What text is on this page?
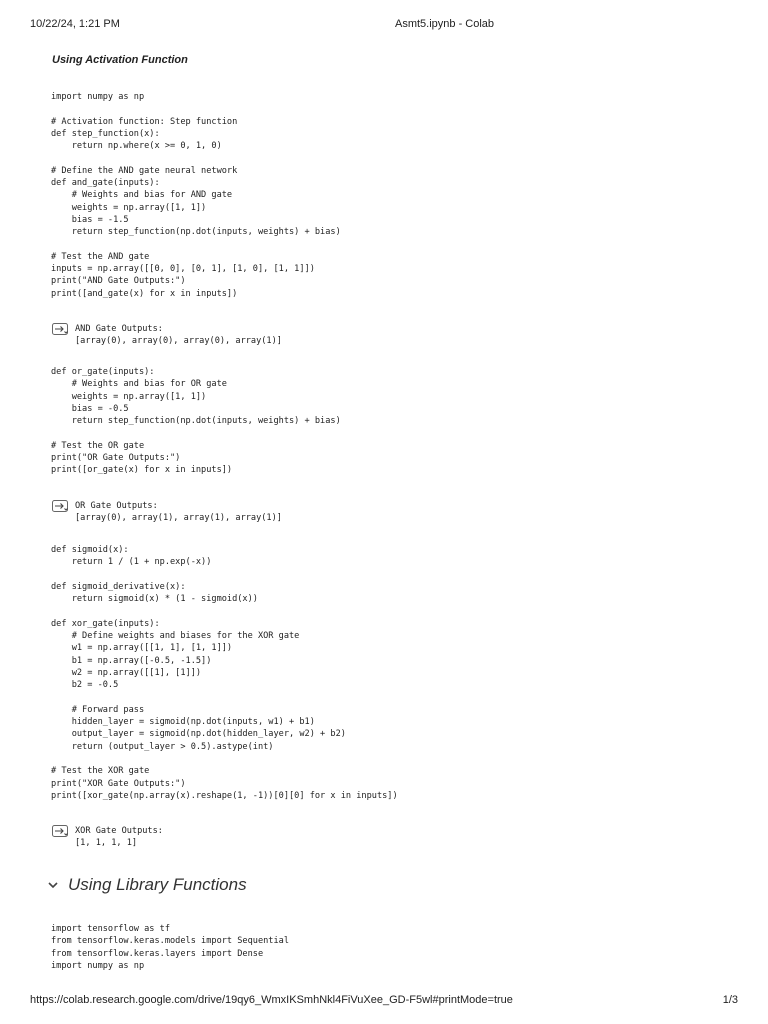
10/22/24, 1:21 PM	Asmt5.ipynb - Colab
Using Activation Function
import numpy as np

# Activation function: Step function
def step_function(x):
return np.where(x >= 0, 1, 0)

# Define the AND gate neural network
def and_gate(inputs):
# Weights and bias for AND gate
weights = np.array([1, 1])
bias = -1.5
return step_function(np.dot(inputs, weights) + bias)

# Test the AND gate
inputs = np.array([[0, 0], [0, 1], [1, 0], [1, 1]])
print("AND Gate Outputs:")
print([and_gate(x) for x in inputs])
AND Gate Outputs:
[array(0), array(0), array(0), array(1)]
def or_gate(inputs):
# Weights and bias for OR gate
weights = np.array([1, 1])
bias = -0.5
return step_function(np.dot(inputs, weights) + bias)

# Test the OR gate
print("OR Gate Outputs:")
print([or_gate(x) for x in inputs])
OR Gate Outputs:
[array(0), array(1), array(1), array(1)]
def sigmoid(x):
return 1 / (1 + np.exp(-x))

def sigmoid_derivative(x):
return sigmoid(x) * (1 - sigmoid(x))

def xor_gate(inputs):
# Define weights and biases for the XOR gate
w1 = np.array([[1, 1], [1, 1]])
b1 = np.array([-0.5, -1.5])
w2 = np.array([[1], [1]])
b2 = -0.5

# Forward pass
hidden_layer = sigmoid(np.dot(inputs, w1) + b1)
output_layer = sigmoid(np.dot(hidden_layer, w2) + b2)
return (output_layer > 0.5).astype(int)

# Test the XOR gate
print("XOR Gate Outputs:")
print([xor_gate(np.array(x).reshape(1, -1))[0][0] for x in inputs])
XOR Gate Outputs:
[1, 1, 1, 1]
Using Library Functions
import tensorflow as tf
from tensorflow.keras.models import Sequential
from tensorflow.keras.layers import Dense
import numpy as np
https://colab.research.google.com/drive/19qy6_WmxIKSmhNkl4FiVuXee_GD-F5wl#printMode=true	1/3
